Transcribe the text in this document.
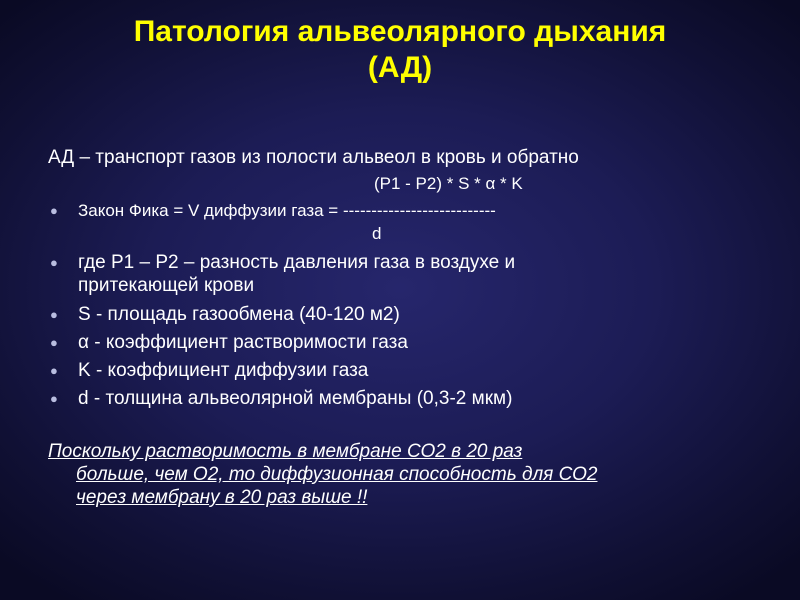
Патология альвеолярного дыхания
(АД)
АД – транспорт газов из полости альвеол в кровь и обратно
(Р1 - Р2) * S * α * K
● Закон Фика = V диффузии газа = ---------------------------
d
● где Р1 – Р2 – разность давления газа в воздухе и
притекающей крови
● S - площадь газообмена (40-120 м2)
● α - коэффициент растворимости газа
● K - коэффициент диффузии газа
● d - толщина альвеолярной мембраны (0,3-2 мкм)
Поскольку растворимость в мембране СО2 в 20 раз
больше, чем О2, то диффузионная способность для СО2
через мембрану в 20 раз выше !!
